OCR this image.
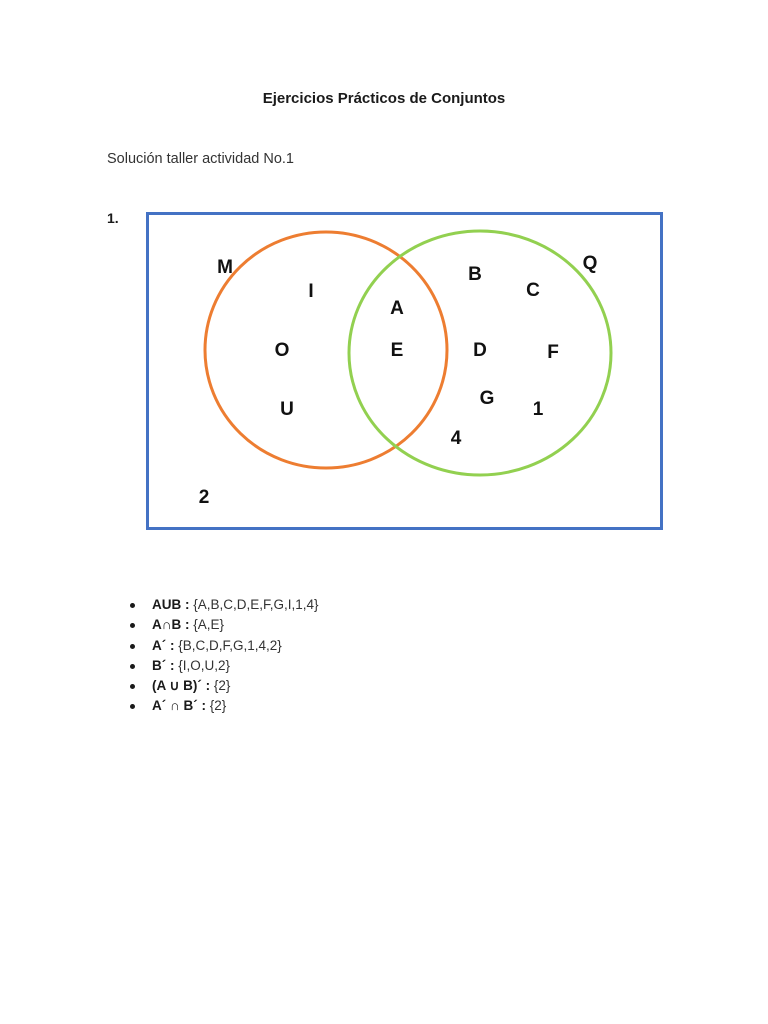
Ejercicios Prácticos de Conjuntos
Solución taller actividad No.1
1.
Q
M
I
O
U
A
E
B
C
D	F
G
1
4
2
AUB : {A,B,C,D,E,F,G,I,1,4}
A∩B : {A,E}
A´ : {B,C,D,F,G,1,4,2}
B´ : {I,O,U,2}
(A ∪ B)´ : {2}
A´ ∩ B´ : {2}
